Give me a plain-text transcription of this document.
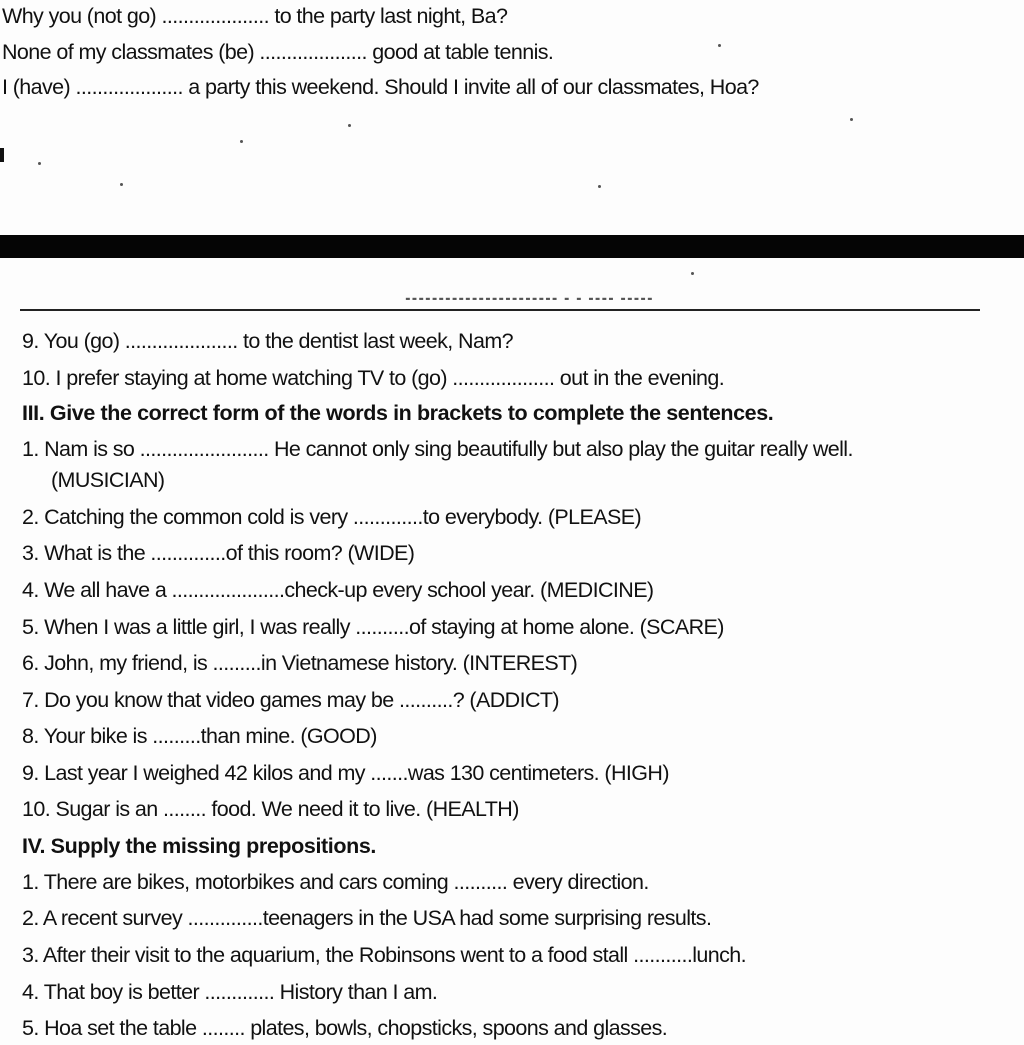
Why you (not go) .................... to the party last night, Ba?
None of my classmates (be) .................... good at table tennis.
I (have) .................... a party this weekend. Should I invite all of our classmates, Hoa?
▪▪▪▪▪▪▪▪▪▪▪▪▪▪▪▪▪▪▪▪▪▪▪ ▪ ▪ ▪▪▪▪ ▪▪▪▪▪
9. You (go) ..................... to the dentist last week, Nam?
10. I prefer staying at home watching TV to (go) ................... out in the evening.
III. Give the correct form of the words in brackets to complete the sentences.
1. Nam is so ........................ He cannot only sing beautifully but also play the guitar really well.
(MUSICIAN)
2. Catching the common cold is very .............to everybody. (PLEASE)
3. What is the ..............of this room? (WIDE)
4. We all have a .....................check-up every school year. (MEDICINE)
5. When I was a little girl, I was really ..........of staying at home alone. (SCARE)
6. John, my friend, is .........in Vietnamese history. (INTEREST)
7. Do you know that video games may be ..........? (ADDICT)
8. Your bike is .........than mine. (GOOD)
9. Last year I weighed 42 kilos and my .......was 130 centimeters. (HIGH)
10. Sugar is an ........ food. We need it to live. (HEALTH)
IV. Supply the missing prepositions.
1. There are bikes, motorbikes and cars coming .......... every direction.
2. A recent survey ..............teenagers in the USA had some surprising results.
3. After their visit to the aquarium, the Robinsons went to a food stall ...........lunch.
4. That boy is better ............. History than I am.
5. Hoa set the table ........ plates, bowls, chopsticks, spoons and glasses.
